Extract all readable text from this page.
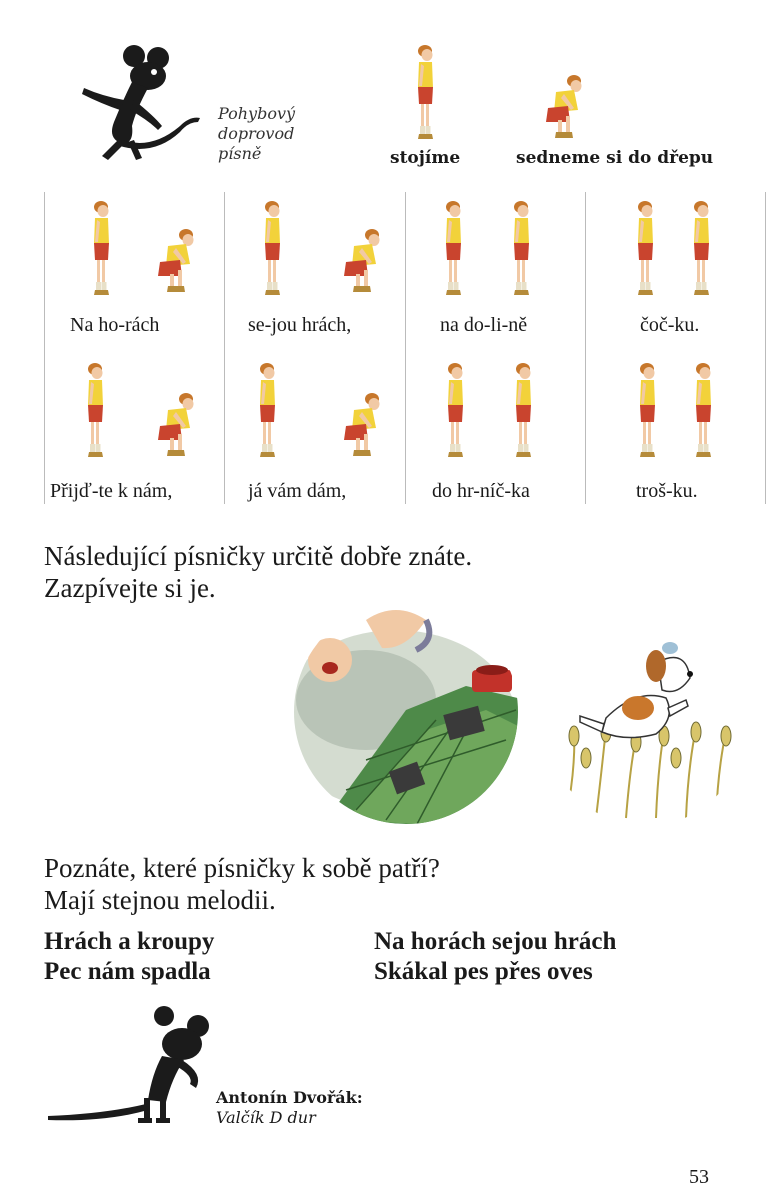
Pohybový
doprovod
písně	stojíme	sedneme si do dřepu
Na ho-rách	se-jou hrách,	na do-li-ně	čoč-ku.
Přijď-te k nám,	já vám dám,	do hr-níč-ka	troš-ku.
Následující písničky určitě dobře znáte.
Zazpívejte si je.
Poznáte, které písničky k sobě patří?
Mají stejnou melodii.
Hrách a kroupy
Pec nám spadla
Na horách sejou hrách
Skákal pes přes oves
Antonín Dvořák:
Valčík D dur
53
